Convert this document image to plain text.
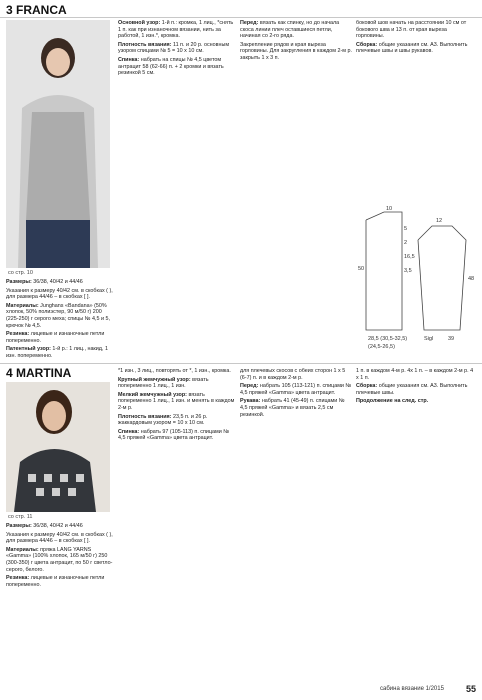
3 FRANCA
со стр. 10

Размеры: 36/38, 40/42 и 44/46

Указания к размеру 40/42 см. в скобках ( ), для размера 44/46 – в скобках [ ].

Материалы: Junghans «Bandana» (50% хлопок, 50% полиэстер, 90 м/50 г) 200 (225-250) г серого меха; спицы № 4,5 и 5, крючок № 4,5.

Резинка: лицевые и изнаночные петли попеременно.

Патентный узор: 1-й р.: 1 лиц., накид, 1 изн. попеременно.

Основной узор: 1-й п.: кромка, 1 лиц., *снять 1 п. как при изнаночном вязании, нить за работой, 1 изн.*, кромка.

Плотность вязания: 11 п. и 20 р. основным узором спицами № 5 = 10 х 10 см.

Спинка: набрать на спицы № 4,5 цветом антрацит 58 (62-66) п. + 2 кромки и вязать резинкой 5 см.

Перед: вязать как спинку, но до начала скоса линии плеч оставшиеся петли, начиная со 2-го ряда.

Закрепление рядов и края выреза горловины. Для закругления в каждом 2-м р. закрыть 1 х 3 п.

боковой шов начать на расстоянии 10 см от бокового шва и 13 п. от края выреза горловины.

Сборка: общие указания см. А3. Выполнить плечевые швы и швы рукавов.

50
10
28,5 (30,5-32,5)
5
2
16,5
3,5
(24,5-26,5)
48
12
Sigl	39
4 MARTINA
со стр. 11

Размеры: 36/38, 40/42 и 44/46

Указания к размеру 40/42 см. в скобках ( ), для размера 44/46 – в скобках [ ].

Материалы: пряжа LANG YARNS «Gamma» (100% хлопок, 165 м/50 г) 250 (300-350) г цвета антрацит, по 50 г светло-серого, белого.

Резинка: лицевые и изнаночные петли попеременно.

*1 изн., 3 лиц., повторять от *, 1 изн., кромка.

Крупный жемчужный узор: вязать попеременно 1 лиц., 1 изн.

Мелкий жемчужный узор: вязать попеременно 1 лиц., 1 изн. и менять в каждом 2-м р.

Плотность вязания: 23,5 п. и 26 р. жаккардовым узором = 10 х 10 см.

Спинка: набрать 97 (105-113) п. спицами № 4,5 пряжей «Gamma» цвета антрацит.

для плечевых скосов с обеих сторон 1 х 5 (6-7) п. и в каждом 2-м р.

Перед: набрать 105 (113-121) п. спицами № 4,5 пряжей «Gamma» цвета антрацит.

Рукава: набрать 41 (45-49) п. спицами № 4,5 пряжей «Gamma» и вязать 2,5 см резинкой.

1 п. в каждом 4-м р. 4х 1 п. – в каждом 2-м р. 4 х 1 п.

Сборка: общие указания см. А3. Выполнить плечевые швы.

Продолжение на след. стр.

сабина вязание 1/2015 55
